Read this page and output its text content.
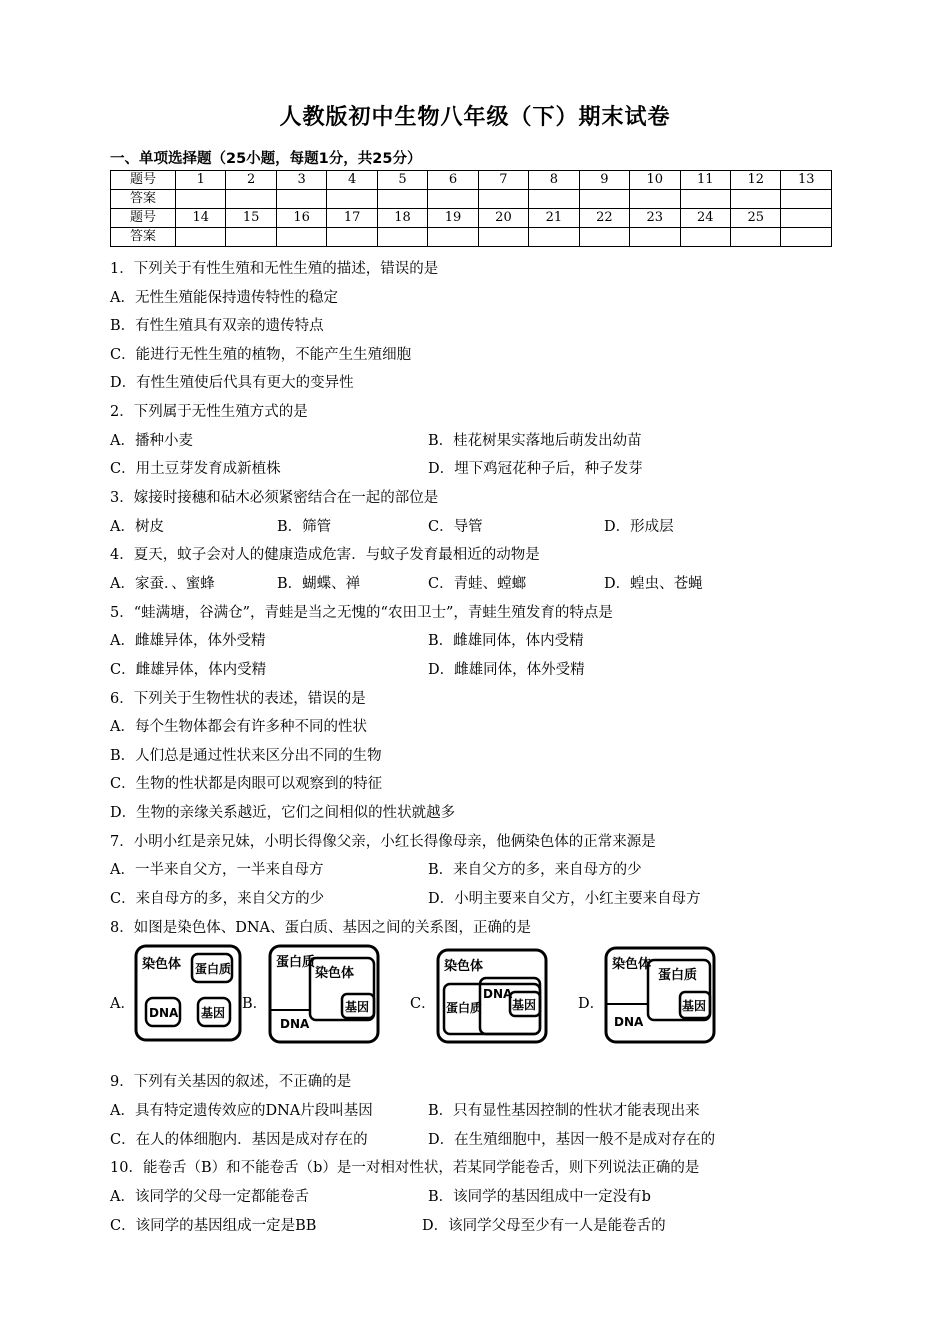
人教版初中生物八年级（下）期末试卷
一、单项选择题（25小题，每题1分，共25分）
题号	1	2	3	4	5	6	7	8	9	10	11	12	13
答案													
题号	14	15	16	17	18	19	20	21	22	23	24	25	
答案													
1．下列关于有性生殖和无性生殖的描述，错误的是
A．无性生殖能保持遗传特性的稳定
B．有性生殖具有双亲的遗传特点
C．能进行无性生殖的植物，不能产生生殖细胞
D．有性生殖使后代具有更大的变异性
2．下列属于无性生殖方式的是
A．播种小麦	B．桂花树果实落地后萌发出幼苗
C．用土豆芽发育成新植株	D．埋下鸡冠花种子后，种子发芽
3．嫁接时接穗和砧木必须紧密结合在一起的部位是
A．树皮	B．筛管	C．导管	D．形成层
4．夏天，蚊子会对人的健康造成危害．与蚊子发育最相近的动物是
A．家蚕．、蜜蜂	B．蝴蝶、禅	C．青蛙、螳螂	D．蝗虫、苍蝇
5．“蛙满塘，谷满仓”，青蛙是当之无愧的“农田卫士”，青蛙生殖发育的特点是
A．雌雄异体，体外受精	B．雌雄同体，体内受精
C．雌雄异体，体内受精	D．雌雄同体，体外受精
6．下列关于生物性状的表述，错误的是
A．每个生物体都会有许多种不同的性状
B．人们总是通过性状来区分出不同的生物
C．生物的性状都是肉眼可以观察到的特征
D．生物的亲缘关系越近，它们之间相似的性状就越多
7．小明小红是亲兄妹，小明长得像父亲，小红长得像母亲，他俩染色体的正常来源是
A．一半来自父方，一半来自母方	B．来自父方的多，来自母方的少
C．来自母方的多，来自父方的少	D．小明主要来自父方，小红主要来自母方
8．如图是染色体、DNA、蛋白质、基因之间的关系图，正确的是
A．	B．	C．	D．
染色体 蛋白质
DNA 基因
蛋白质
染色体
基因
DNA
染色体
蛋白质
DNA
基因
染色体
蛋白质
基因
DNA
9．下列有关基因的叙述，不正确的是
A．具有特定遗传效应的DNA片段叫基因	B．只有显性基因控制的性状才能表现出来
C．在人的体细胞内．基因是成对存在的	D．在生殖细胞中，基因一般不是成对存在的
10．能卷舌（B）和不能卷舌（b）是一对相对性状，若某同学能卷舌，则下列说法正确的是
A．该同学的父母一定都能卷舌	B．该同学的基因组成中一定没有b
C．该同学的基因组成一定是BB	D．该同学父母至少有一人是能卷舌的
